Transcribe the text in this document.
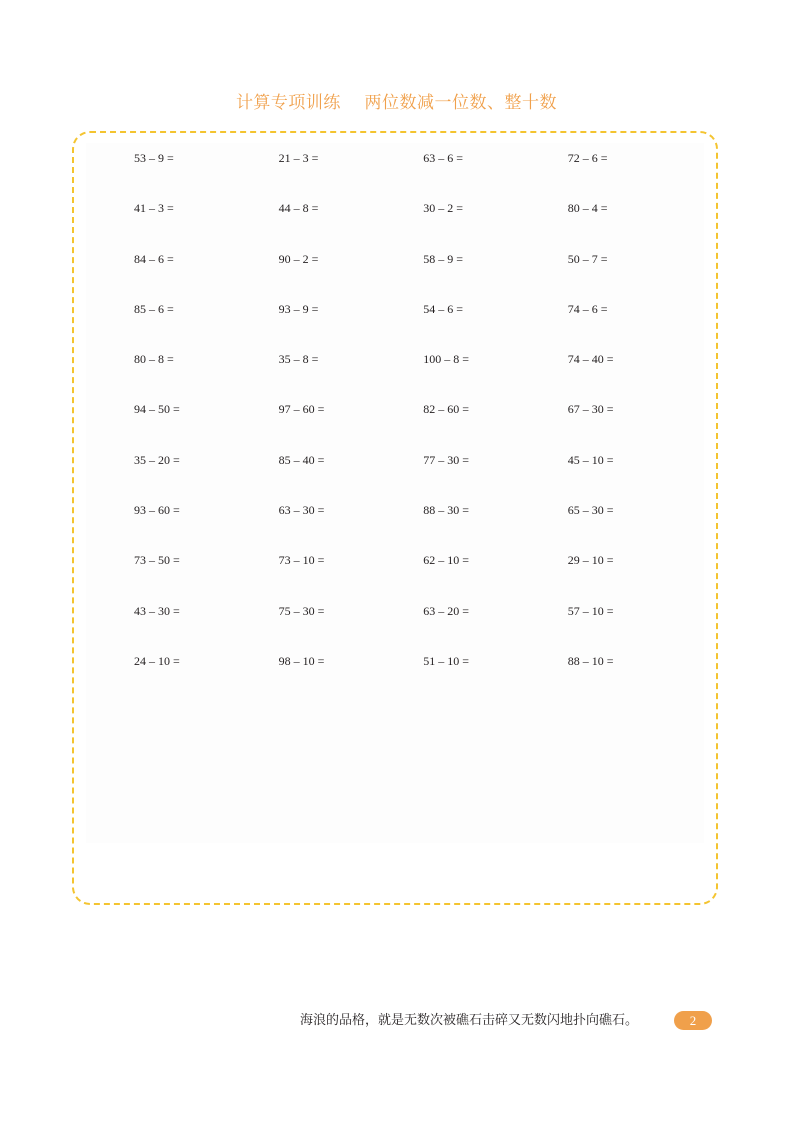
计算专项训练    两位数减一位数、整十数
53 – 9 =	21 – 3 =	63 – 6 =	72 – 6 =
41 – 3 =	44 – 8 =	30 – 2 =	80 – 4 =
84 – 6 =	90 – 2 =	58 – 9 =	50 – 7 =
85 – 6 =	93 – 9 =	54 – 6 =	74 – 6 =
80 – 8 =	35 – 8 =	100 – 8 =	74 – 40 =
94 – 50 =	97 – 60 =	82 – 60 =	67 – 30 =
35 – 20 =	85 – 40 =	77 – 30 =	45 – 10 =
93 – 60 =	63 – 30 =	88 – 30 =	65 – 30 =
73 – 50 =	73 – 10 =	62 – 10 =	29 – 10 =
43 – 30 =	75 – 30 =	63 – 20 =	57 – 10 =
24 – 10 =	98 – 10 =	51 – 10 =	88 – 10 =
海浪的品格，就是无数次被礁石击碎又无数闪地扑向礁石。	2
